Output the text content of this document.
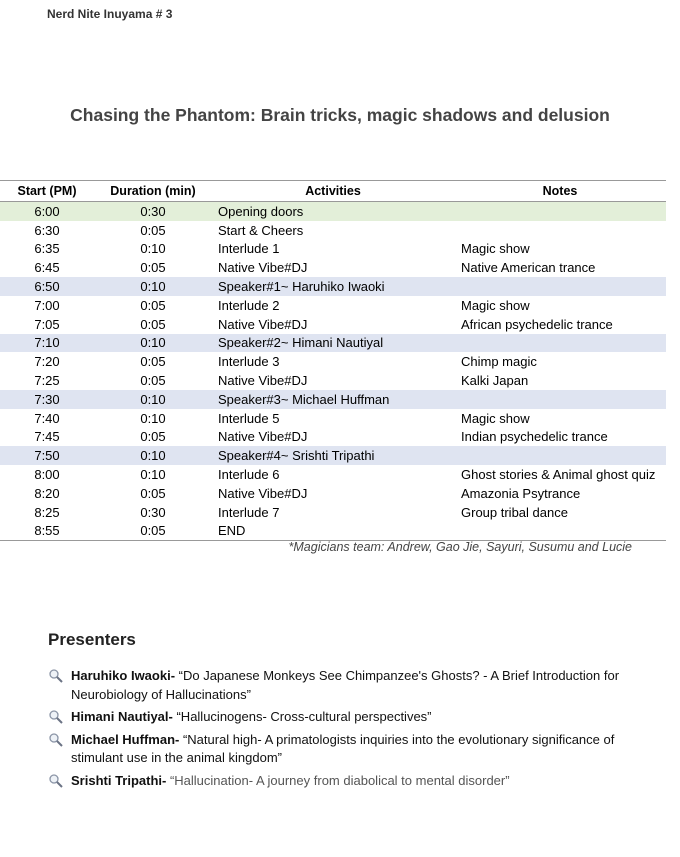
Nerd Nite Inuyama # 3
Chasing the Phantom: Brain tricks, magic shadows and delusion
Start (PM)	Duration (min)	Activities	Notes
6:00	0:30	Opening doors	
6:30	0:05	Start & Cheers	
6:35	0:10	Interlude 1	Magic show
6:45	0:05	Native Vibe#DJ	Native American trance
6:50	0:10	Speaker#1~ Haruhiko Iwaoki	
7:00	0:05	Interlude 2	Magic show
7:05	0:05	Native Vibe#DJ	African psychedelic trance
7:10	0:10	Speaker#2~ Himani Nautiyal	
7:20	0:05	Interlude 3	Chimp magic
7:25	0:05	Native Vibe#DJ	Kalki Japan
7:30	0:10	Speaker#3~ Michael Huffman	
7:40	0:10	Interlude 5	Magic show
7:45	0:05	Native Vibe#DJ	Indian psychedelic trance
7:50	0:10	Speaker#4~ Srishti Tripathi	
8:00	0:10	Interlude 6	Ghost stories & Animal ghost quiz
8:20	0:05	Native Vibe#DJ	Amazonia Psytrance
8:25	0:30	Interlude 7	Group tribal dance
8:55	0:05	END	
*Magicians team: Andrew, Gao Jie, Sayuri, Susumu and Lucie
Presenters
Haruhiko Iwaoki- “Do Japanese Monkeys See Chimpanzee's Ghosts? - A Brief Introduction for Neurobiology of Hallucinations”
Himani Nautiyal- “Hallucinogens- Cross-cultural perspectives”
Michael Huffman- “Natural high- A primatologists inquiries into the evolutionary significance of stimulant use in the animal kingdom”
Srishti Tripathi- “Hallucination- A journey from diabolical to mental disorder”
